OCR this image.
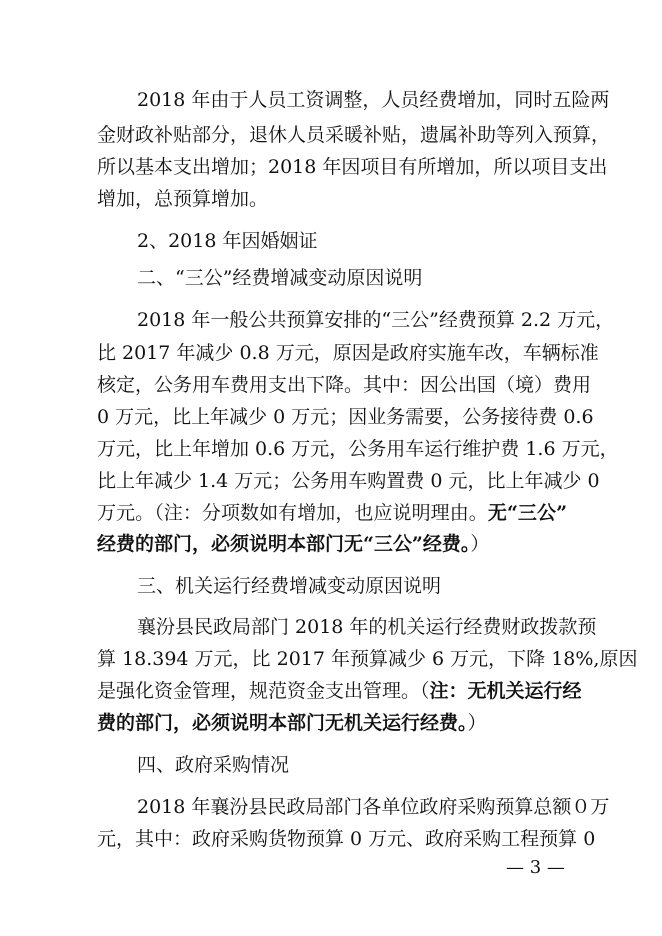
2018 年由于人员工资调整，人员经费增加，同时五险两
金财政补贴部分，退休人员采暖补贴，遗属补助等列入预算，
所以基本支出增加；2018 年因项目有所增加，所以项目支出
增加，总预算增加。
2、2018 年因婚姻证
二、“三公”经费增减变动原因说明
2018 年一般公共预算安排的“三公”经费预算 2.2 万元，
比 2017 年减少 0.8 万元，原因是政府实施车改，车辆标准
核定，公务用车费用支出下降。其中：因公出国（境）费用
0 万元，比上年减少 0 万元；因业务需要，公务接待费 0.6
万元，比上年增加 0.6 万元，公务用车运行维护费 1.6 万元，
比上年减少 1.4 万元；公务用车购置费 0 元，比上年减少 0
万元。（注：分项数如有增加，也应说明理由。无“三公”
经费的部门，必须说明本部门无“三公”经费。）
三、机关运行经费增减变动原因说明
襄汾县民政局部门 2018 年的机关运行经费财政拨款预
算 18.394 万元，比 2017 年预算减少 6 万元，下降 18%,原因
是强化资金管理，规范资金支出管理。（注：无机关运行经
费的部门，必须说明本部门无机关运行经费。）
四、政府采购情况
2018 年襄汾县民政局部门各单位政府采购预算总额０万
元，其中：政府采购货物预算 0 万元、政府采购工程预算 0
— 3 —
